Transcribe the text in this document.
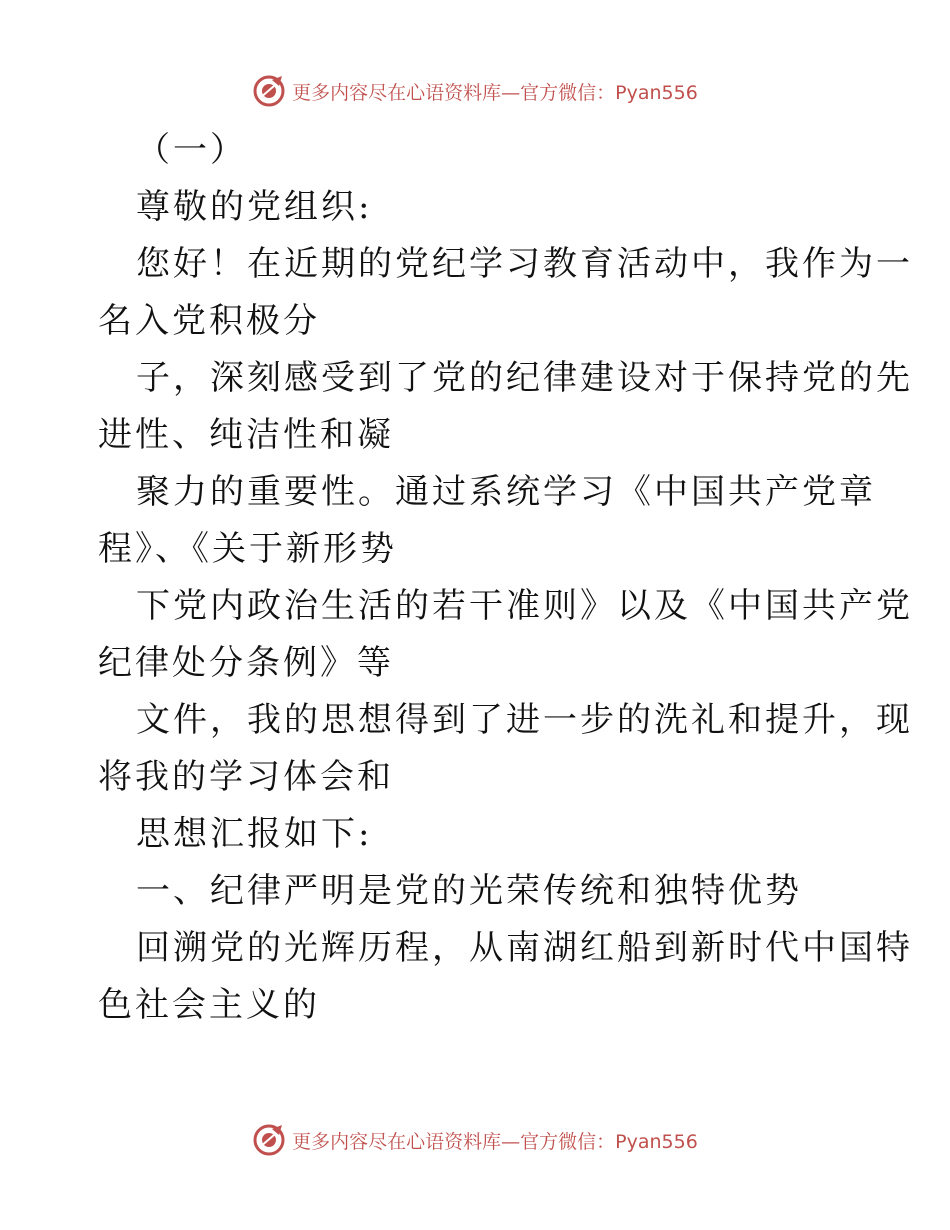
更多内容尽在心语资料库— 官方微信：Pyan556
（一）
尊敬的党组织:
您好！在近期的党纪学习教育活动中，我作为一
名入党积极分
子，深刻感受到了党的纪律建设对于保持党的先
进性、纯洁性和凝
聚力的重要性。通过系统学习《中国共产党章
程》、《关于新形势
下党内政治生活的若干准则》以及《中国共产党
纪律处分条例》等
文件，我的思想得到了进一步的洗礼和提升，现
将我的学习体会和
思想汇报如下:
一、纪律严明是党的光荣传统和独特优势
回溯党的光辉历程，从南湖红船到新时代中国特
色社会主义的
更多内容尽在心语资料库— 官方微信：Pyan556
